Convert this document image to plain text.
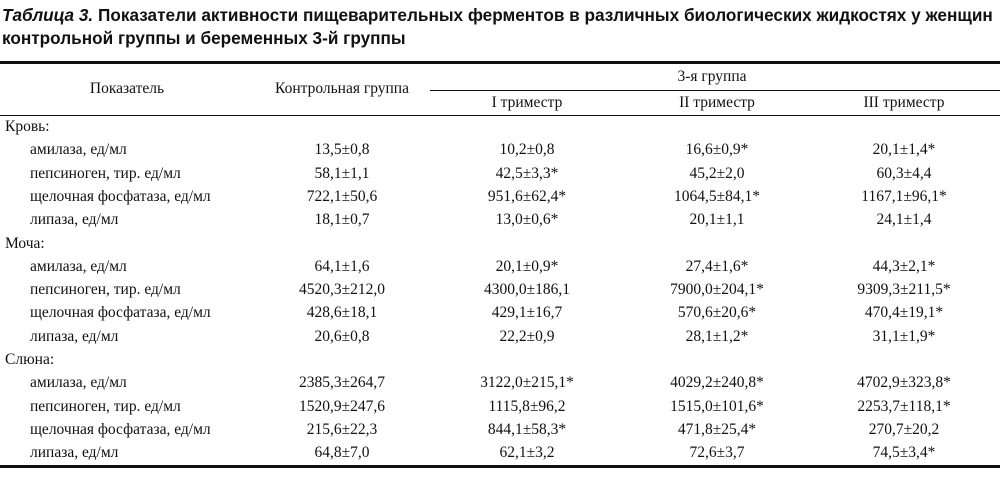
Таблица 3. Показатели активности пищеварительных ферментов в различных биологических жидкостях у женщин
контрольной группы и беременных 3-й группы
Показатель	Контрольная группа
3-я группа
I триместр	II триместр	III триместр
Кровь:
амилаза, ед/мл	13,5±0,8	10,2±0,8	16,6±0,9*	20,1±1,4*
пепсиноген, тир. ед/мл	58,1±1,1	42,5±3,3*	45,2±2,0	60,3±4,4
щелочная фосфатаза, ед/мл	722,1±50,6	951,6±62,4*	1064,5±84,1*	1167,1±96,1*
липаза, ед/мл	18,1±0,7	13,0±0,6*	20,1±1,1	24,1±1,4
Моча:
амилаза, ед/мл	64,1±1,6	20,1±0,9*	27,4±1,6*	44,3±2,1*
пепсиноген, тир. ед/мл	4520,3±212,0	4300,0±186,1	7900,0±204,1*	9309,3±211,5*
щелочная фосфатаза, ед/мл	428,6±18,1	429,1±16,7	570,6±20,6*	470,4±19,1*
липаза, ед/мл	20,6±0,8	22,2±0,9	28,1±1,2*	31,1±1,9*
Слюна:
амилаза, ед/мл	2385,3±264,7	3122,0±215,1*	4029,2±240,8*	4702,9±323,8*
пепсиноген, тир. ед/мл	1520,9±247,6	1115,8±96,2	1515,0±101,6*	2253,7±118,1*
щелочная фосфатаза, ед/мл	215,6±22,3	844,1±58,3*	471,8±25,4*	270,7±20,2
липаза, ед/мл	64,8±7,0	62,1±3,2	72,6±3,7	74,5±3,4*
